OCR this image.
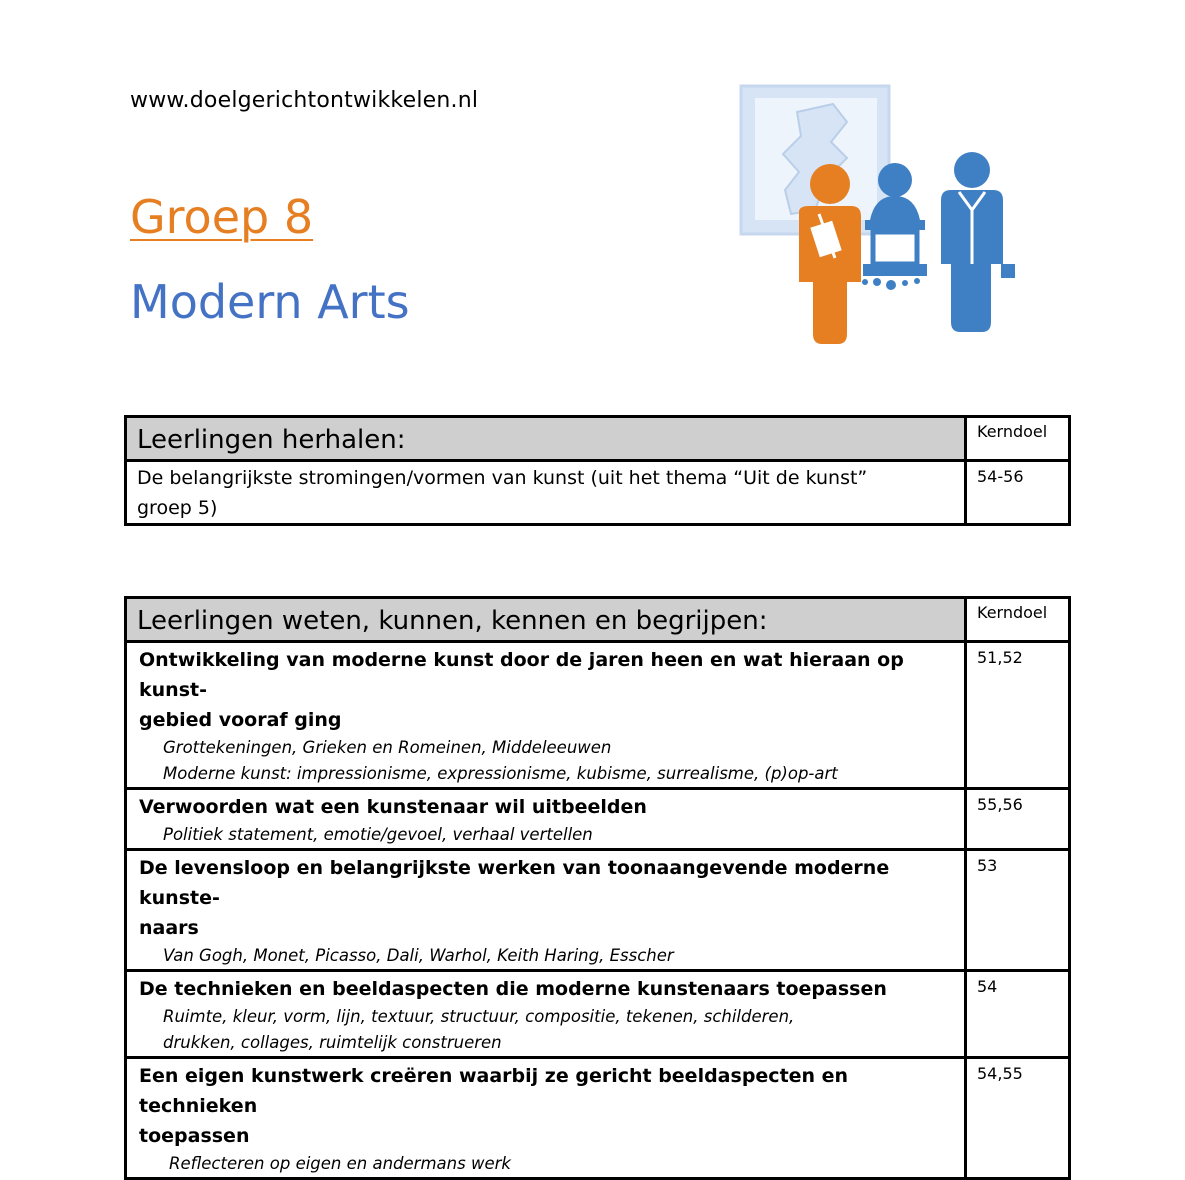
www.doelgerichtontwikkelen.nl
Groep 8
Modern Arts
Leerlingen herhalen:	Kerndoel

De belangrijkste stromingen/vormen van kunst (uit het thema “Uit de kunst”
groep 5)	54-56
Leerlingen weten, kunnen, kennen en begrijpen:	Kerndoel

Ontwikkeling van moderne kunst door de jaren heen en wat hieraan op kunst-
gebied vooraf ging
Grottekeningen, Grieken en Romeinen, Middeleeuwen
Moderne kunst: impressionisme, expressionisme, kubisme, surrealisme, (p)op-art	51,52

Verwoorden wat een kunstenaar wil uitbeelden
Politiek statement, emotie/gevoel, verhaal vertellen	55,56

De levensloop en belangrijkste werken van toonaangevende moderne kunste-
naars
Van Gogh, Monet, Picasso, Dali, Warhol, Keith Haring, Esscher	53

De technieken en beeldaspecten die moderne kunstenaars toepassen
Ruimte, kleur, vorm, lijn, textuur, structuur, compositie, tekenen, schilderen,
drukken, collages, ruimtelijk construeren	54

Een eigen kunstwerk creëren waarbij ze gericht beeldaspecten en technieken
toepassen
Reflecteren op eigen en andermans werk	54,55
